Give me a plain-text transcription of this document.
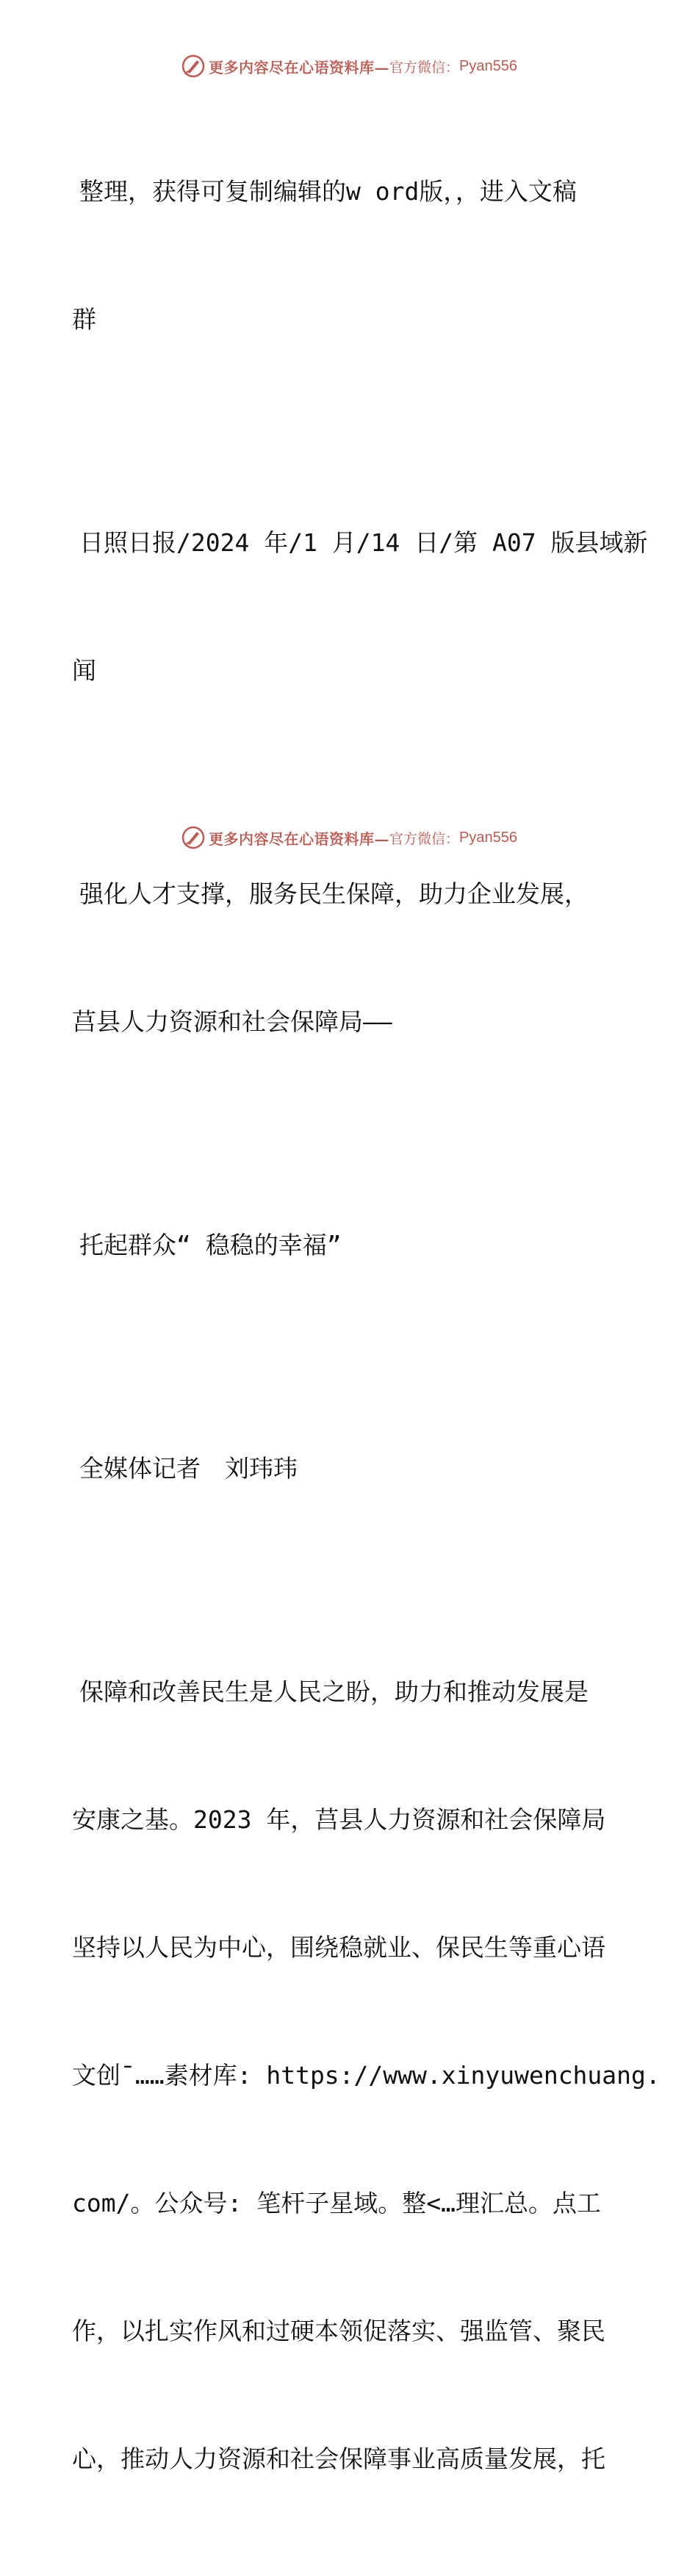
更多内容尽在心语资料库— 官方微信： Pyan556

整理，获得可复制编辑的w ord版，，进入文稿

群

日照日报/2024 年/1 月/14 日/第 A07 版县域新

闻

强化人才支撑，服务民生保障，助力企业发展，

莒县人力资源和社会保障局——

托起群众“ 稳稳的幸福”

全媒体记者　刘玮玮

保障和改善民生是人民之盼，助力和推动发展是

安康之基。2023 年，莒县人力资源和社会保障局

坚持以人民为中心，围绕稳就业、保民生等重心语

文创¯……素材库: https://www.xinyuwenchuang.

com/。公众号: 笔杆子星域。整<…理汇总。点工

作，以扎实作风和过硬本领促落实、强监管、聚民

心，推动人力资源和社会保障事业高质量发展，托

更多内容尽在心语资料库— 官方微信： Pyan556
